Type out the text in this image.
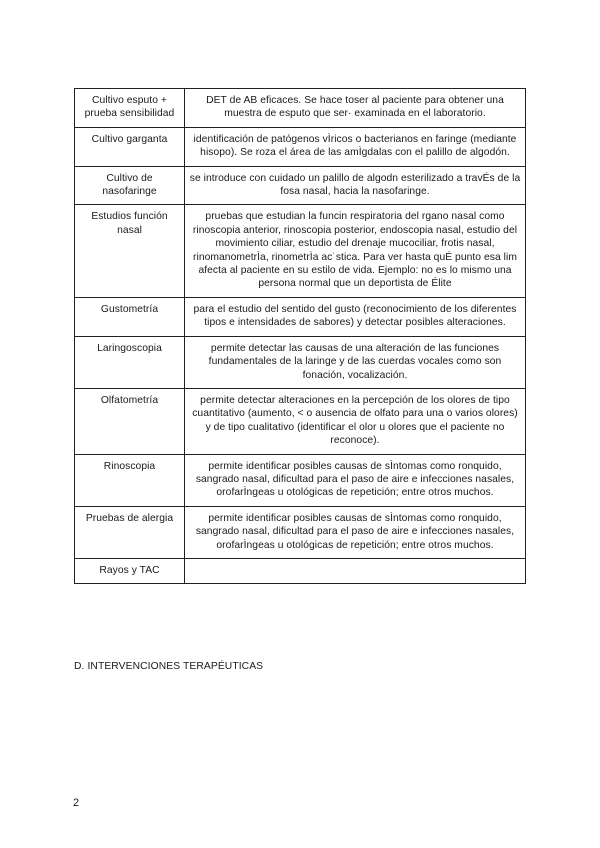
Cultivo esputo + prueba sensibilidad	DET de AB eficaces. Se hace toser al paciente para obtener una muestra de esputo que ser· examinada en el laboratorio.
Cultivo garganta	identificación de patógenos vÌricos o bacterianos en faringe (mediante hisopo). Se roza el área de las amÌgdalas con el palillo de algodón.
Cultivo de nasofaringe	se introduce con cuidado un palillo de algodn esterilizado a travÉs de la fosa nasal, hacia la nasofaringe.
Estudios función nasal	pruebas que estudian la funcin respiratoria del rgano nasal como rinoscopia anterior, rinoscopia posterior, endoscopia nasal, estudio del movimiento ciliar, estudio del drenaje mucociliar, frotis nasal, rinomanometrÌa, rinometrÌa ac˙stica. Para ver hasta quÉ punto esa lim afecta al paciente en su estilo de vida. Ejemplo: no es lo mismo una persona normal que un deportista de Élite
Gustometría	para el estudio del sentido del gusto (reconocimiento de los diferentes tipos e intensidades de sabores) y detectar posibles alteraciones.
Laringoscopia	permite detectar las causas de una alteración de las funciones fundamentales de la laringe y de las cuerdas vocales como son fonación, vocalización.
Olfatometría	permite detectar alteraciones en la percepción de los olores de tipo cuantitativo (aumento, < o ausencia de olfato para una o varios olores) y de tipo cualitativo (identificar el olor u olores que el paciente no reconoce).
Rinoscopia	permite identificar posibles causas de sÌntomas como ronquido, sangrado nasal, dificultad para el paso de aire e infecciones nasales, orofarÌngeas u otológicas de repetición; entre otros muchos.
Pruebas de alergia	permite identificar posibles causas de sÌntomas como ronquido, sangrado nasal, dificultad para el paso de aire e infecciones nasales, orofarÌngeas u otológicas de repetición; entre otros muchos.
Rayos y TAC	
D. INTERVENCIONES TERAPÉUTICAS
2
